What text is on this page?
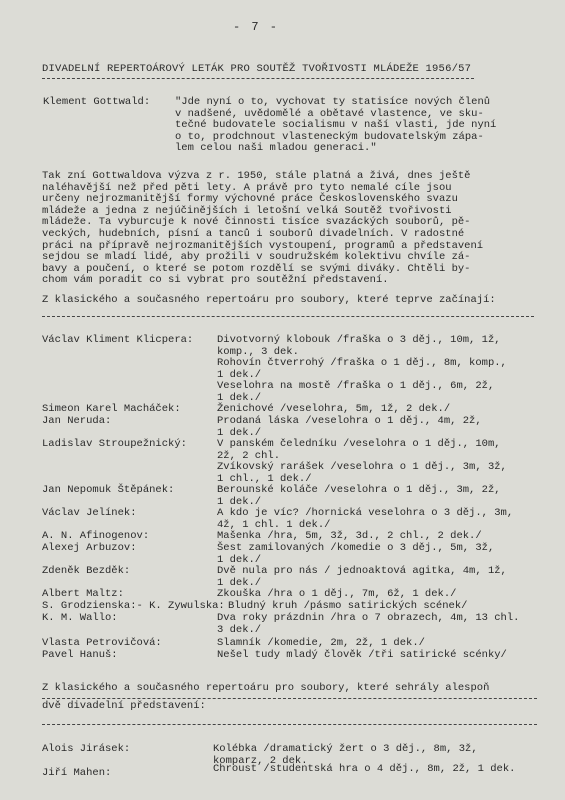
- 7 -
DIVADELNÍ REPERTOÁROVÝ LETÁK PRO SOUTĚŽ TVOŘIVOSTI MLÁDEŽE 1956/57
Klement Gottwald: "Jde nyní o to, vychovat ty statisíce nových členů
v nadšené, uvědomělé a obětavé vlastence, ve sku-
tečné budovatele socialismu v naší vlasti, jde nyní
o to, prodchnout vlasteneckým budovatelským zápa-
lem celou naši mladou generaci."
Tak zní Gottwaldova výzva z r. 1950, stále platná a živá, dnes ještě
naléhavější než před pěti lety. A právě pro tyto nemalé cíle jsou
určeny nejrozmanitější formy výchovné práce Československého svazu
mládeže a jedna z nejúčinějších i letošní velká Soutěž tvořivosti
mládeže. Ta vyburcuje k nové činnosti tisíce svazáckých souborů, pě-
veckých, hudebních, písní a tanců i souborů divadelních. V radostné
práci na přípravě nejrozmanitějších vystoupení, programů a představení
sejdou se mladí lidé, aby prožili v soudružském kolektivu chvíle zá-
bavy a poučení, o které se potom rozdělí se svými diváky. Chtěli by-
chom vám poradit co si vybrat pro soutěžní představení.
Z klasického a současného repertoáru pro soubory, které teprve začínají:
Václav Kliment Klicpera: Divotvorný klobouk /fraška o 3 děj., 10m, 1ž,
komp., 3 dek.
Rohovín čtverrohý /fraška o 1 děj., 8m, komp.,
1 dek./
Veselohra na mostě /fraška o 1 děj., 6m, 2ž,
1 dek./
Simeon Karel Macháček:	Ženichové /veselohra, 5m, 1ž, 2 dek./
Jan Neruda:	Prodaná láska /veselohra o 1 děj., 4m, 2ž,
1 dek./
Ladislav Stroupežnický:	V panském čeledníku /veselohra o 1 děj., 10m,
2ž, 2 chl.
Zvíkovský rarášek /veselohra o 1 děj., 3m, 3ž,
1 chl., 1 dek./
Jan Nepomuk Štěpánek:	Berounské koláče /veselohra o 1 děj., 3m, 2ž,
1 dek./
Václav Jelínek:	A kdo je víc? /hornická veselohra o 3 děj., 3m,
4ž, 1 chl. 1 dek./
A. N. Afinogenov:	Mašenka /hra, 5m, 3ž, 3d., 2 chl., 2 dek./
Alexej Arbuzov:	Šest zamilovaných /komedie o 3 děj., 5m, 3ž,
1 dek./
Zdeněk Bezděk:	Dvě nula pro nás / jednoaktová agitka, 4m, 1ž,
1 dek./
Albert Maltz:	Zkouška /hra o 1 děj., 7m, 6ž, 1 dek./
S. Grodzienska:- K. Zywulska: Bludný kruh /pásmo satirických scének/
K. M. Wallo:	Dva roky prázdnin /hra o 7 obrazech, 4m, 13 chl.
3 dek./
Vlasta Petrovičová:	Slamník /komedie, 2m, 2ž, 1 dek./
Pavel Hanuš:	Nešel tudy mladý člověk /tři satirické scénky/
Z klasického a současného repertoáru pro soubory, které sehrály alespoň
dvě divadelní představení:
Alois Jirásek:	Kolébka /dramatický žert o 3 děj., 8m, 3ž,
komparz, 2 dek.
Jiří Mahen:	Chroust /studentská hra o 4 děj., 8m, 2ž, 1 dek.
